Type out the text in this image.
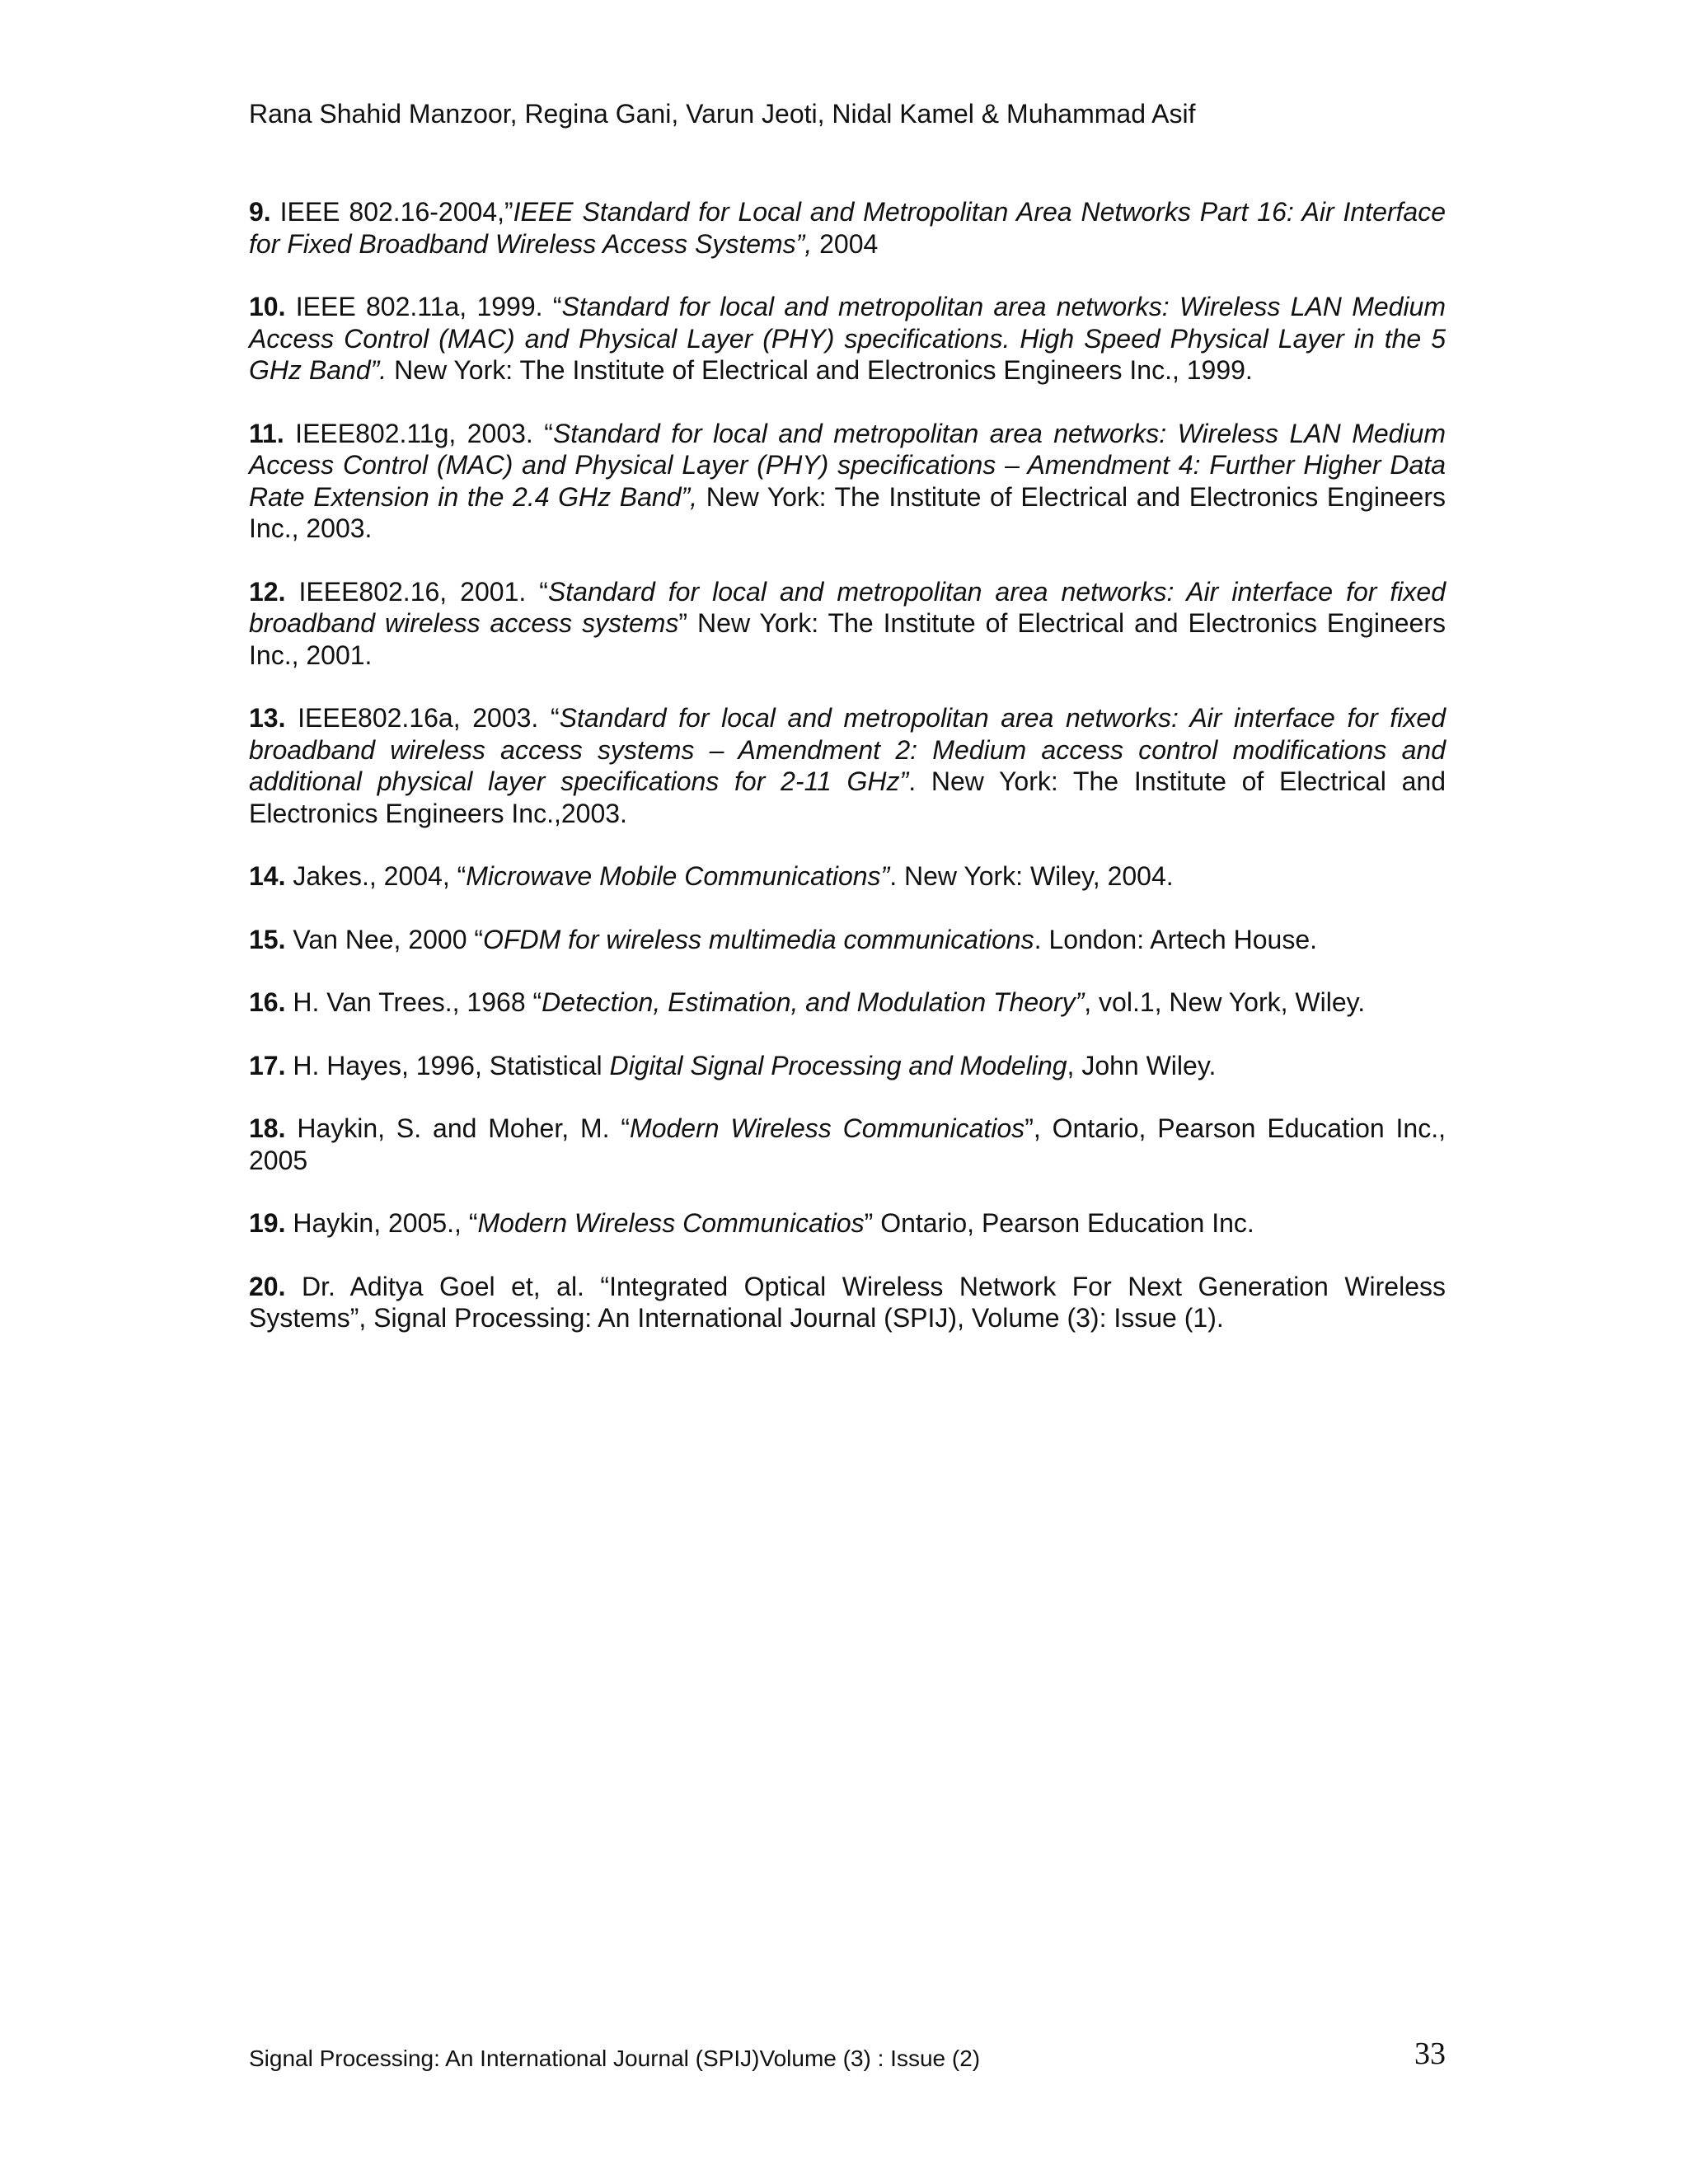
Rana Shahid Manzoor, Regina Gani, Varun Jeoti, Nidal Kamel & Muhammad Asif

9. IEEE 802.16-2004,”IEEE Standard for Local and Metropolitan Area Networks Part 16: Air Interface for Fixed Broadband Wireless Access Systems”, 2004

10. IEEE 802.11a, 1999. “Standard for local and metropolitan area networks: Wireless LAN Medium Access Control (MAC) and Physical Layer (PHY) specifications. High Speed Physical Layer in the 5 GHz Band”. New York: The Institute of Electrical and Electronics Engineers Inc., 1999.

11. IEEE802.11g, 2003. “Standard for local and metropolitan area networks: Wireless LAN Medium Access Control (MAC) and Physical Layer (PHY) specifications – Amendment 4: Further Higher Data Rate Extension in the 2.4 GHz Band”, New York: The Institute of Electrical and Electronics Engineers Inc., 2003.

12. IEEE802.16, 2001. “Standard for local and metropolitan area networks: Air interface for fixed broadband wireless access systems” New York: The Institute of Electrical and Electronics Engineers Inc., 2001.

13. IEEE802.16a, 2003. “Standard for local and metropolitan area networks: Air interface for fixed broadband wireless access systems – Amendment 2: Medium access control modifications and additional physical layer specifications for 2-11 GHz”. New York: The Institute of Electrical and Electronics Engineers Inc.,2003.

14. Jakes., 2004, “Microwave Mobile Communications”. New York: Wiley, 2004.

15. Van Nee, 2000 “OFDM for wireless multimedia communications. London: Artech House.

16. H. Van Trees., 1968 “Detection, Estimation, and Modulation Theory”, vol.1, New York, Wiley.

17. H. Hayes, 1996, Statistical Digital Signal Processing and Modeling, John Wiley.

18. Haykin, S. and Moher, M. “Modern Wireless Communicatios”, Ontario, Pearson Education Inc., 2005

19. Haykin, 2005., “Modern Wireless Communicatios” Ontario, Pearson Education Inc.

20. Dr. Aditya Goel et, al. “Integrated Optical Wireless Network For Next Generation Wireless Systems”, Signal Processing: An International Journal (SPIJ), Volume (3): Issue (1).

Signal Processing: An International Journal (SPIJ)Volume (3) : Issue (2)	33
